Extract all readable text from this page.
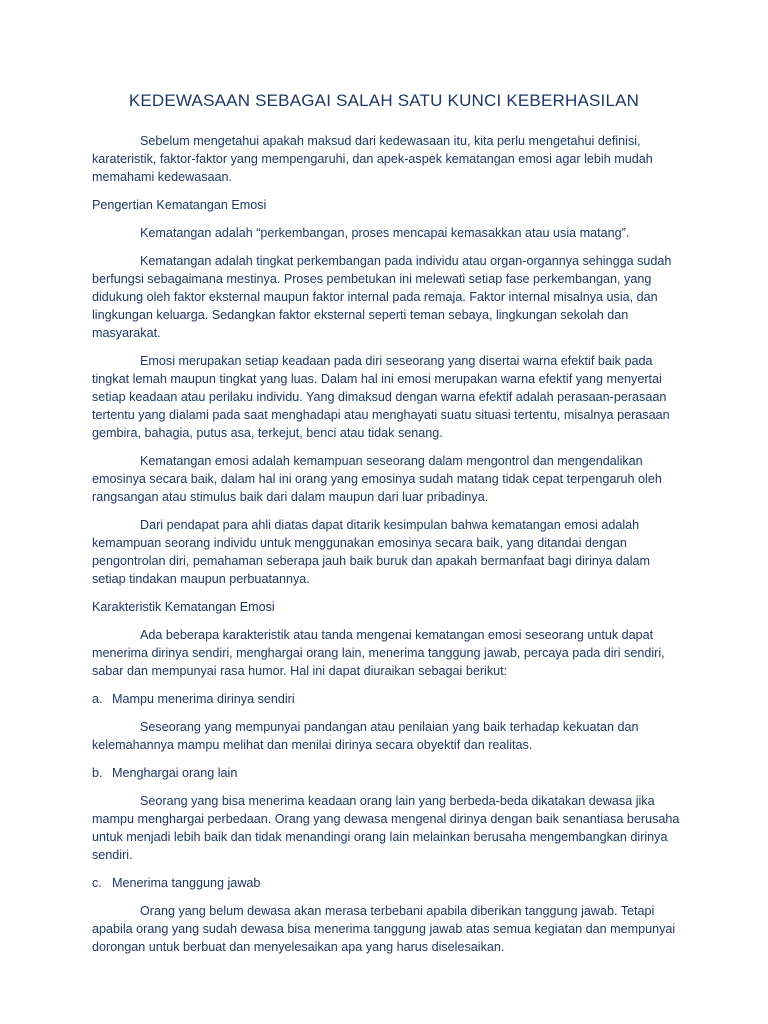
KEDEWASAAN SEBAGAI SALAH SATU KUNCI KEBERHASILAN

Sebelum mengetahui apakah maksud dari kedewasaan itu, kita perlu mengetahui definisi, karateristik, faktor-faktor yang mempengaruhi, dan apek-aspek kematangan emosi agar lebih mudah memahami kedewasaan.

Pengertian Kematangan Emosi

Kematangan adalah “perkembangan, proses mencapai kemasakkan atau usia matang”.

Kematangan adalah tingkat perkembangan pada individu atau organ-organnya sehingga sudah berfungsi sebagaimana mestinya. Proses pembetukan ini melewati setiap fase perkembangan, yang didukung oleh faktor eksternal maupun faktor internal pada remaja. Faktor internal misalnya usia, dan lingkungan keluarga. Sedangkan faktor eksternal seperti teman sebaya, lingkungan sekolah dan masyarakat.

Emosi merupakan setiap keadaan pada diri seseorang yang disertai warna efektif baik pada tingkat lemah maupun tingkat yang luas. Dalam hal ini emosi merupakan warna efektif yang menyertai setiap keadaan atau perilaku individu. Yang dimaksud dengan warna efektif adalah perasaan-perasaan tertentu yang dialami pada saat menghadapi atau menghayati suatu situasi tertentu, misalnya perasaan gembira, bahagia, putus asa, terkejut, benci atau tidak senang.

Kematangan emosi adalah kemampuan seseorang dalam mengontrol dan mengendalikan emosinya secara baik, dalam hal ini orang yang emosinya sudah matang tidak cepat terpengaruh oleh rangsangan atau stimulus baik dari dalam maupun dari luar pribadinya.

Dari pendapat para ahli diatas dapat ditarik kesimpulan bahwa kematangan emosi adalah kemampuan seorang individu untuk menggunakan emosinya secara baik, yang ditandai dengan pengontrolan diri, pemahaman seberapa jauh baik buruk dan apakah bermanfaat bagi dirinya dalam setiap tindakan maupun perbuatannya.

Karakteristik Kematangan Emosi

Ada beberapa karakteristik atau tanda mengenai kematangan emosi seseorang untuk dapat menerima dirinya sendiri, menghargai orang lain, menerima tanggung jawab, percaya pada diri sendiri, sabar dan mempunyai rasa humor. Hal ini dapat diuraikan sebagai berikut:

a. Mampu menerima dirinya sendiri

Seseorang yang mempunyai pandangan atau penilaian yang baik terhadap kekuatan dan kelemahannya mampu melihat dan menilai dirinya secara obyektif dan realitas.

b. Menghargai orang lain

Seorang yang bisa menerima keadaan orang lain yang berbeda-beda dikatakan dewasa jika mampu menghargai perbedaan. Orang yang dewasa mengenal dirinya dengan baik senantiasa berusaha untuk menjadi lebih baik dan tidak menandingi orang lain melainkan berusaha mengembangkan dirinya sendiri.

c. Menerima tanggung jawab

Orang yang belum dewasa akan merasa terbebani apabila diberikan tanggung jawab. Tetapi apabila orang yang sudah dewasa bisa menerima tanggung jawab atas semua kegiatan dan mempunyai dorongan untuk berbuat dan menyelesaikan apa yang harus diselesaikan.
